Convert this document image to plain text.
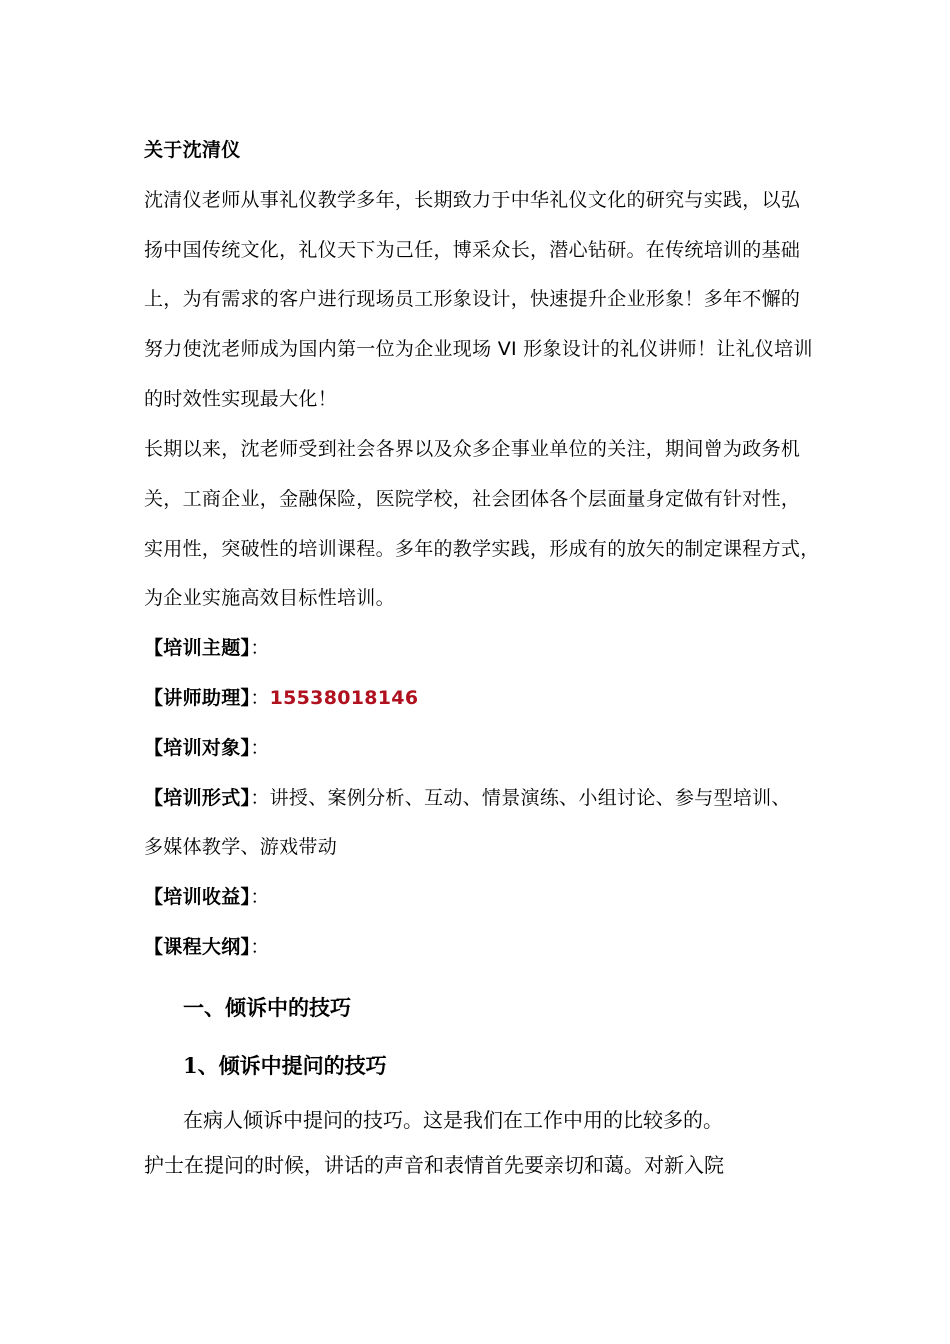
关于沈清仪
沈清仪老师从事礼仪教学多年，长期致力于中华礼仪文化的研究与实践，以弘
扬中国传统文化，礼仪天下为己任，博采众长，潜心钻研。在传统培训的基础
上，为有需求的客户进行现场员工形象设计，快速提升企业形象！多年不懈的
努力使沈老师成为国内第一位为企业现场 VI 形象设计的礼仪讲师！让礼仪培训
的时效性实现最大化！
长期以来，沈老师受到社会各界以及众多企事业单位的关注，期间曾为政务机
关，工商企业，金融保险，医院学校，社会团体各个层面量身定做有针对性，
实用性，突破性的培训课程。多年的教学实践，形成有的放矢的制定课程方式，
为企业实施高效目标性培训。
【培训主题】：
【讲师助理】：15538018146
【培训对象】：
【培训形式】：讲授、案例分析、互动、情景演练、小组讨论、参与型培训、
多媒体教学、游戏带动
【培训收益】：
【课程大纲】：
一、倾诉中的技巧
1、倾诉中提问的技巧
在病人倾诉中提问的技巧。这是我们在工作中用的比较多的。
护士在提问的时候，讲话的声音和表情首先要亲切和蔼。对新入院
